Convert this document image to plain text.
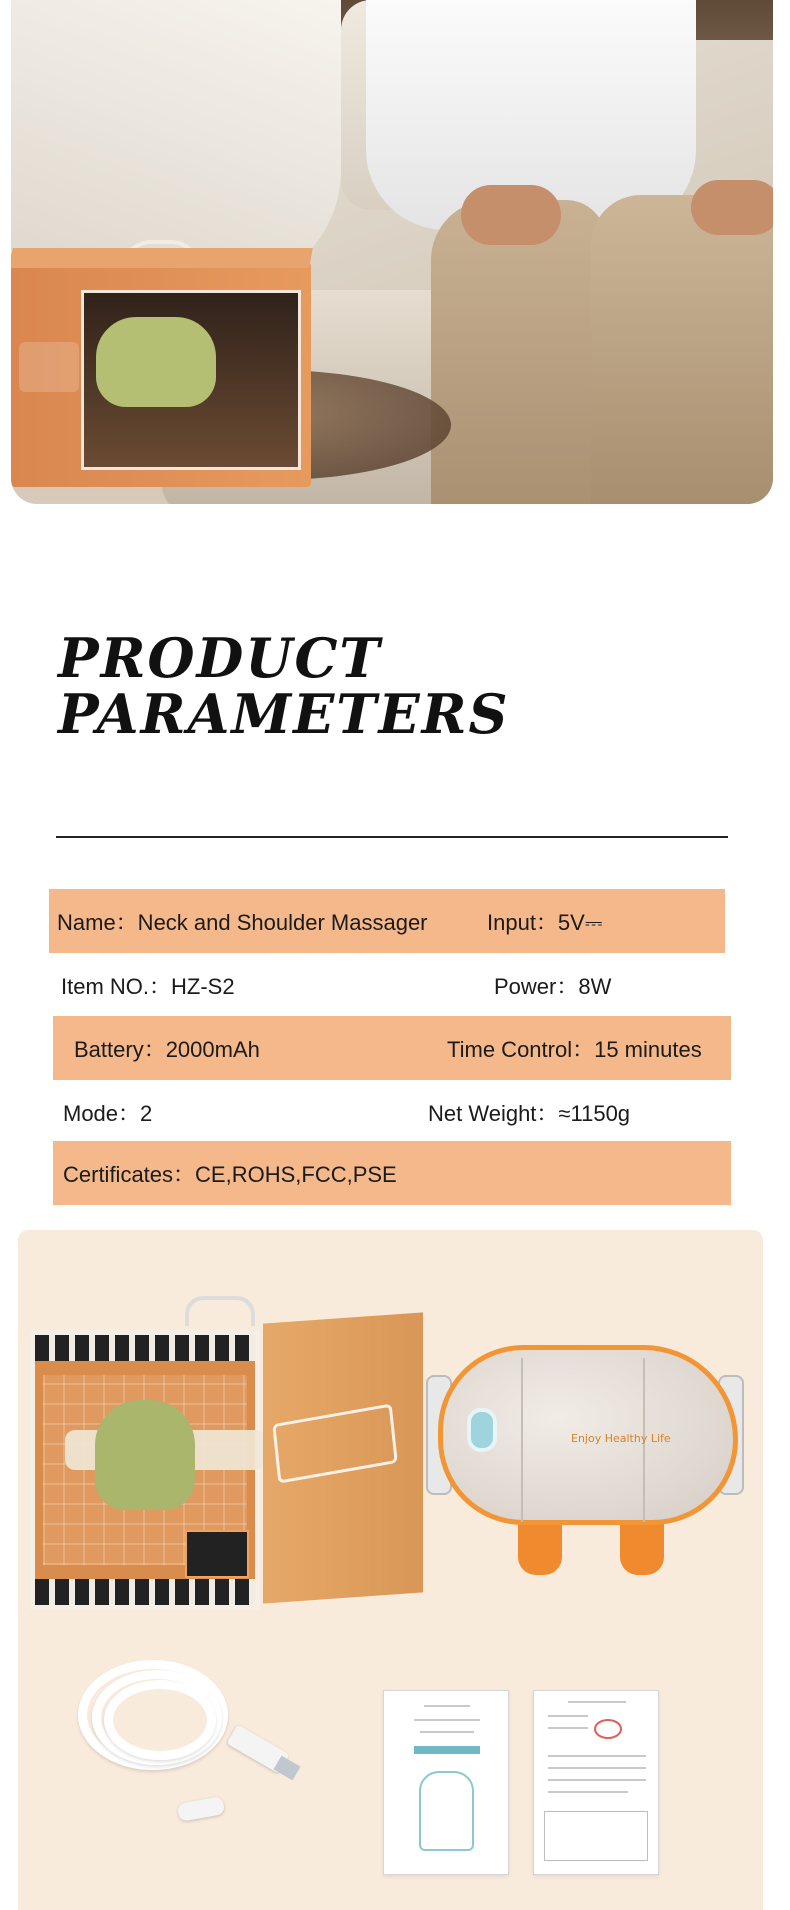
PRODUCT
PARAMETERS
Name：Neck and Shoulder Massager	Input：5V⎓
Item NO.：HZ-S2	Power：8W
Battery：2000mAh	Time Control：15 minutes
Mode：2	Net Weight：≈1150g
Certificates：CE,ROHS,FCC,PSE
Enjoy Healthy Life
